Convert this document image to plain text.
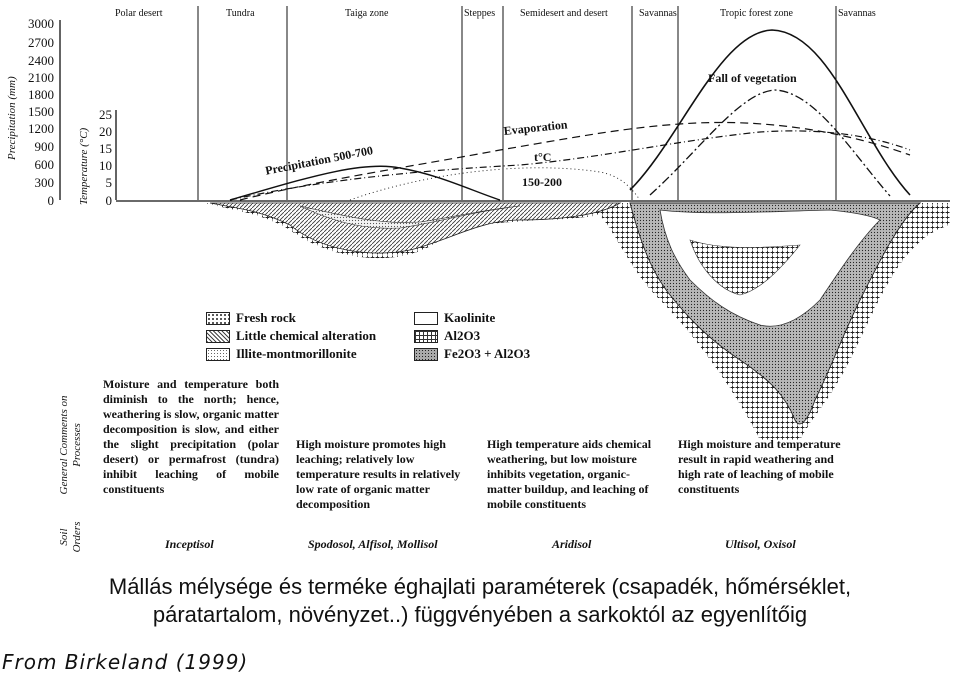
Polar desert	Tundra	Taiga zone	Steppes Semidesert and desert	Savannas	Tropic forest zone	Savannas
Precipitation (mm)
Temperature (°C)
3000
2700
2400
2100
1800
1500
1200
900
600
300
0
25
20
15
10
5
0
Precipitation 500-700
Evaporation
t°C
150-200
Fall of vegetation
Fresh rock
Little chemical alteration
Illite-montmorillonite
Kaolinite
Al2O3
Fe2O3 + Al2O3
General Comments on Processes
Soil Orders
Moisture and temperature both diminish to the north; hence, weathering is slow, organic matter decomposition is slow, and either the slight precipitation (polar desert) or permafrost (tundra) inhibit leaching of mobile constituents
High moisture promotes high leaching; relatively low temperature results in relatively low rate of organic matter decomposition
High temperature aids chemical weathering, but low moisture inhibits vegetation, organic-matter buildup, and leaching of mobile constituents
High moisture and temperature result in rapid weathering and high rate of leaching of mobile constituents
Inceptisol	Spodosol, Alfisol, Mollisol	Aridisol	Ultisol, Oxisol
Mállás mélysége és terméke éghajlati paraméterek (csapadék, hőmérséklet,
páratartalom, növényzet..) függvényében a sarkoktól az egyenlítőig
From Birkeland (1999)
